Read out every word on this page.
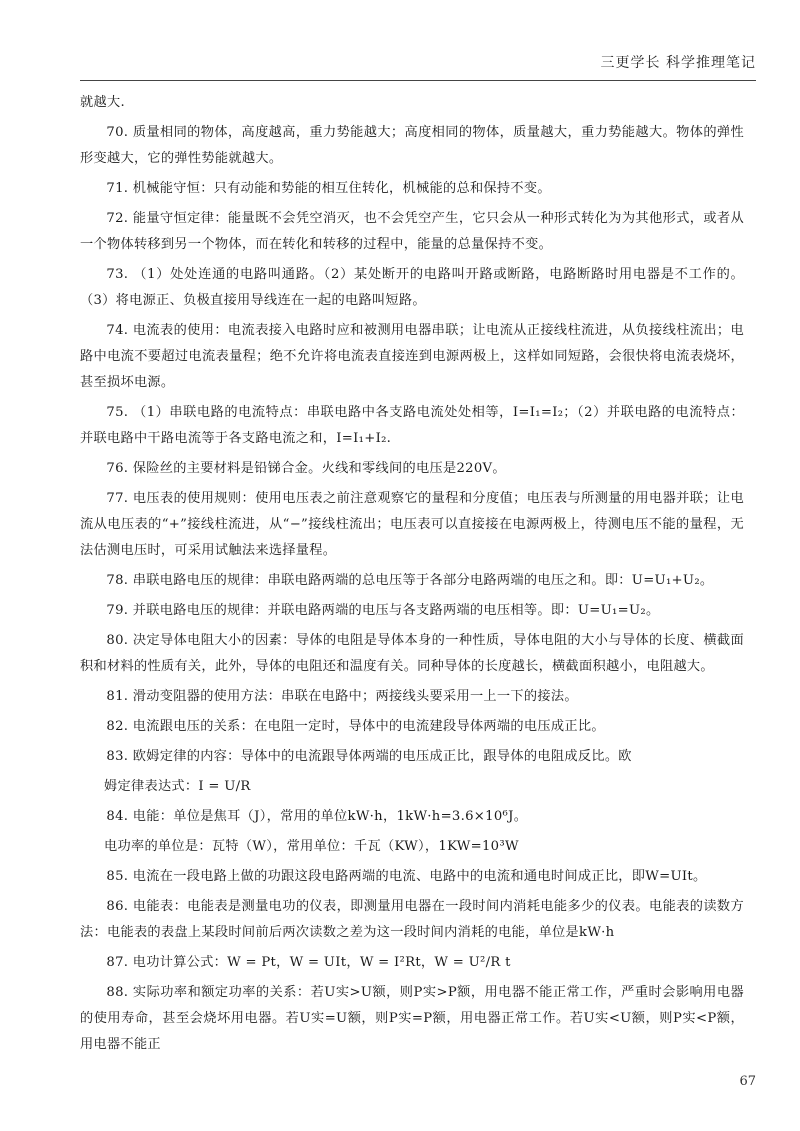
三更学长 科学推理笔记

就越大.

70. 质量相同的物体，高度越高，重力势能越大；高度相同的物体，质量越大，重力势能越大。物体的弹性形变越大，它的弹性势能就越大。

71. 机械能守恒：只有动能和势能的相互住转化，机械能的总和保持不变。

72. 能量守恒定律：能量既不会凭空消灭，也不会凭空产生，它只会从一种形式转化为为其他形式，或者从一个物体转移到另一个物体，而在转化和转移的过程中，能量的总量保持不变。

73. （1）处处连通的电路叫通路。（2）某处断开的电路叫开路或断路，电路断路时用电器是不工作的。（3）将电源正、负极直接用导线连在一起的电路叫短路。

74. 电流表的使用：电流表接入电路时应和被测用电器串联；让电流从正接线柱流进，从负接线柱流出；电路中电流不要超过电流表量程；绝不允许将电流表直接连到电源两极上，这样如同短路，会很快将电流表烧坏，甚至损坏电源。

75. （1）串联电路的电流特点：串联电路中各支路电流处处相等，I=I₁=I₂；（2）并联电路的电流特点：并联电路中干路电流等于各支路电流之和，I=I₁+I₂.

76. 保险丝的主要材料是铅锑合金。火线和零线间的电压是220V。

77. 电压表的使用规则：使用电压表之前注意观察它的量程和分度值；电压表与所测量的用电器并联；让电流从电压表的“+”接线柱流进，从“−”接线柱流出；电压表可以直接接在电源两极上，待测电压不能的量程，无法估测电压时，可采用试触法来选择量程。

78. 串联电路电压的规律：串联电路两端的总电压等于各部分电路两端的电压之和。即：U=U₁+U₂。

79. 并联电路电压的规律：并联电路两端的电压与各支路两端的电压相等。即：U=U₁=U₂。

80. 决定导体电阻大小的因素：导体的电阻是导体本身的一种性质，导体电阻的大小与导体的长度、横截面积和材料的性质有关，此外，导体的电阻还和温度有关。同种导体的长度越长，横截面积越小，电阻越大。

81. 滑动变阻器的使用方法：串联在电路中；两接线头要采用一上一下的接法。

82. 电流跟电压的关系：在电阻一定时，导体中的电流建段导体两端的电压成正比。

83. 欧姆定律的内容：导体中的电流跟导体两端的电压成正比，跟导体的电阻成反比。欧

姆定律表达式：I = U/R

84. 电能：单位是焦耳（J），常用的单位kW·h，1kW·h=3.6×10⁶J。

电功率的单位是：瓦特（W），常用单位：千瓦（KW），1KW=10³W

85. 电流在一段电路上做的功跟这段电路两端的电流、电路中的电流和通电时间成正比，即W=UIt。

86. 电能表：电能表是测量电功的仪表，即测量用电器在一段时间内消耗电能多少的仪表。电能表的读数方法：电能表的表盘上某段时间前后两次读数之差为这一段时间内消耗的电能，单位是kW·h

87. 电功计算公式：W = Pt，W = UIt，W = I²Rt，W = U²/R t

88. 实际功率和额定功率的关系：若U实>U额，则P实>P额，用电器不能正常工作，严重时会影响用电器的使用寿命，甚至会烧坏用电器。若U实=U额，则P实=P额，用电器正常工作。若U实<U额，则P实<P额，用电器不能正

67
